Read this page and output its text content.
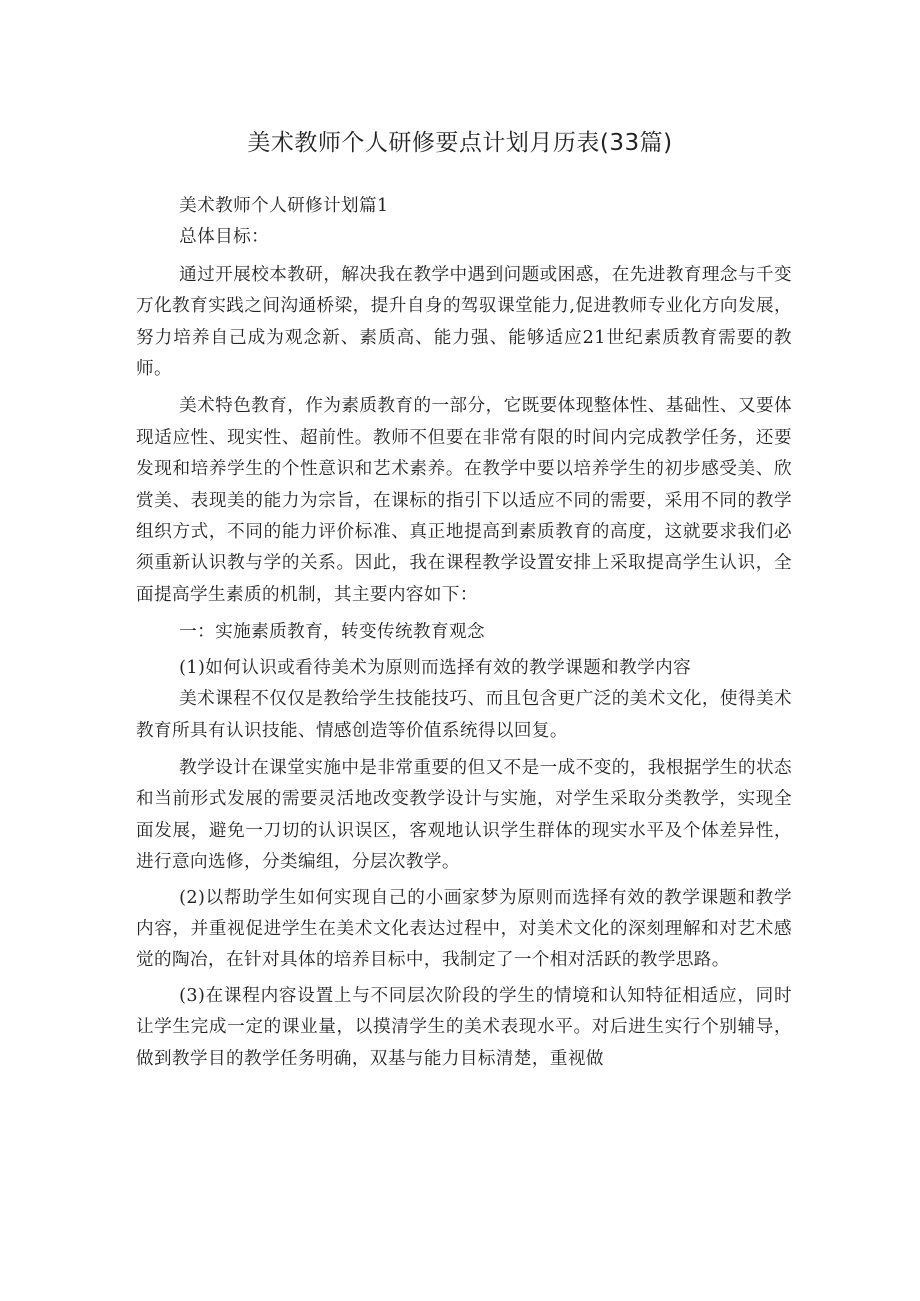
美术教师个人研修要点计划月历表(33篇)

美术教师个人研修计划篇1

总体目标：

通过开展校本教研，解决我在教学中遇到问题或困惑，在先进教育理念与千变万化教育实践之间沟通桥梁，提升自身的驾驭课堂能力,促进教师专业化方向发展，努力培养自己成为观念新、素质高、能力强、能够适应21世纪素质教育需要的教师。

美术特色教育，作为素质教育的一部分，它既要体现整体性、基础性、又要体现适应性、现实性、超前性。教师不但要在非常有限的时间内完成教学任务，还要发现和培养学生的个性意识和艺术素养。在教学中要以培养学生的初步感受美、欣赏美、表现美的能力为宗旨，在课标的指引下以适应不同的需要，采用不同的教学组织方式，不同的能力评价标准、真正地提高到素质教育的高度，这就要求我们必须重新认识教与学的关系。因此，我在课程教学设置安排上采取提高学生认识，全面提高学生素质的机制，其主要内容如下：

一：实施素质教育，转变传统教育观念

(1)如何认识或看待美术为原则而选择有效的教学课题和教学内容

美术课程不仅仅是教给学生技能技巧、而且包含更广泛的美术文化，使得美术教育所具有认识技能、情感创造等价值系统得以回复。

教学设计在课堂实施中是非常重要的但又不是一成不变的，我根据学生的状态和当前形式发展的需要灵活地改变教学设计与实施，对学生采取分类教学，实现全面发展，避免一刀切的认识误区，客观地认识学生群体的现实水平及个体差异性，进行意向选修，分类编组，分层次教学。

(2)以帮助学生如何实现自己的小画家梦为原则而选择有效的教学课题和教学内容，并重视促进学生在美术文化表达过程中，对美术文化的深刻理解和对艺术感觉的陶冶，在针对具体的培养目标中，我制定了一个相对活跃的教学思路。

(3)在课程内容设置上与不同层次阶段的学生的情境和认知特征相适应，同时让学生完成一定的课业量，以摸清学生的美术表现水平。对后进生实行个别辅导，做到教学目的教学任务明确，双基与能力目标清楚，重视做
